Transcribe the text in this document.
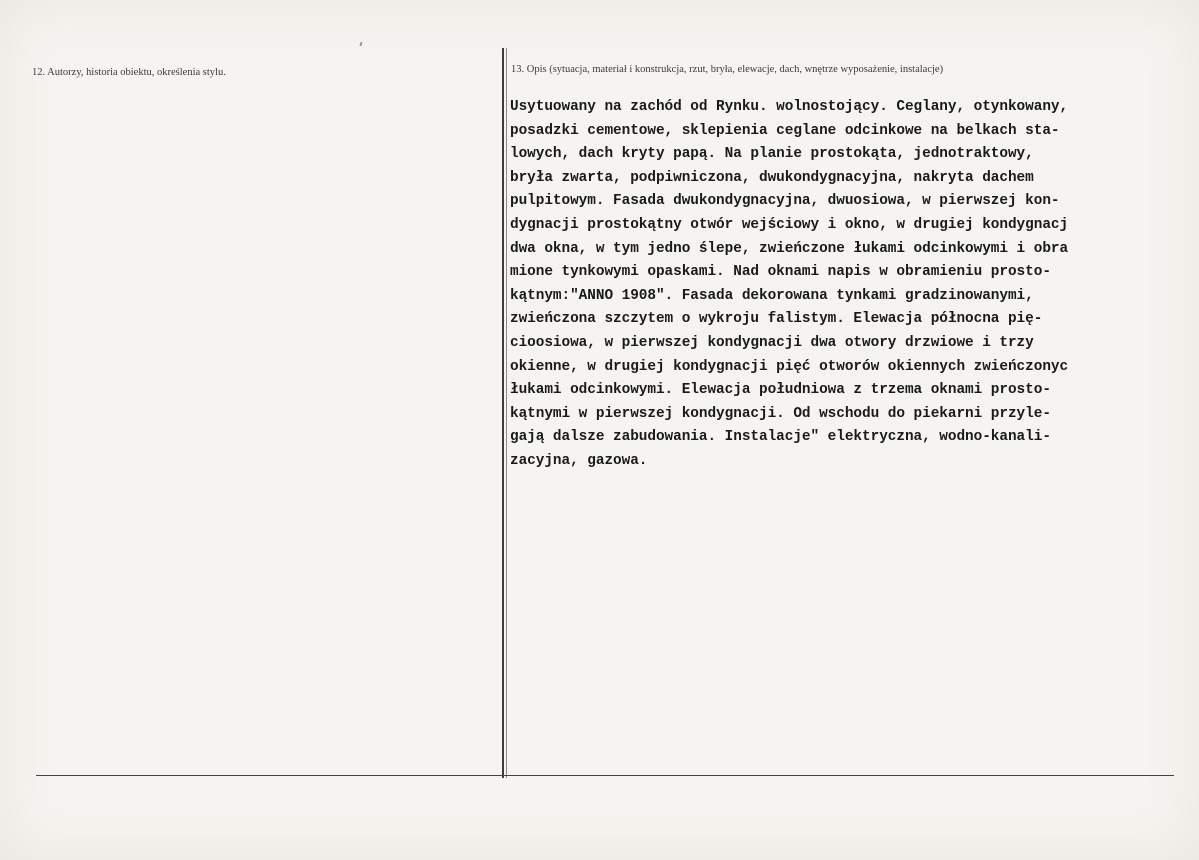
12. Autorzy, historia obiektu, określenia stylu.	13. Opis (sytuacja, materiał i konstrukcja, rzut, bryła, elewacje, dach, wnętrze wyposażenie, instalacje)
Usytuowany na zachód od Rynku. wolnostojący. Ceglany, otynkowany,
posadzki cementowe, sklepienia ceglane odcinkowe na belkach sta-
lowych, dach kryty papą. Na planie prostokąta, jednotraktowy,
bryła zwarta, podpiwniczona, dwukondygnacyjna, nakryta dachem
pulpitowym. Fasada dwukondygnacyjna, dwuosiowa, w pierwszej kon-
dygnacji prostokątny otwór wejściowy i okno, w drugiej kondygnacj
dwa okna, w tym jedno ślepe, zwieńczone łukami odcinkowymi i obra
mione tynkowymi opaskami. Nad oknami napis w obramieniu prosto-
kątnym:"ANNO 1908". Fasada dekorowana tynkami gradzinowanymi,
zwieńczona szczytem o wykroju falistym. Elewacja północna pię-
cioosiowa, w pierwszej kondygnacji dwa otwory drzwiowe i trzy
okienne, w drugiej kondygnacji pięć otworów okiennych zwieńczonyc
łukami odcinkowymi. Elewacja południowa z trzema oknami prosto-
kątnymi w pierwszej kondygnacji. Od wschodu do piekarni przyle-
gają dalsze zabudowania. Instalacje" elektryczna, wodno-kanali-
zacyjna, gazowa.
